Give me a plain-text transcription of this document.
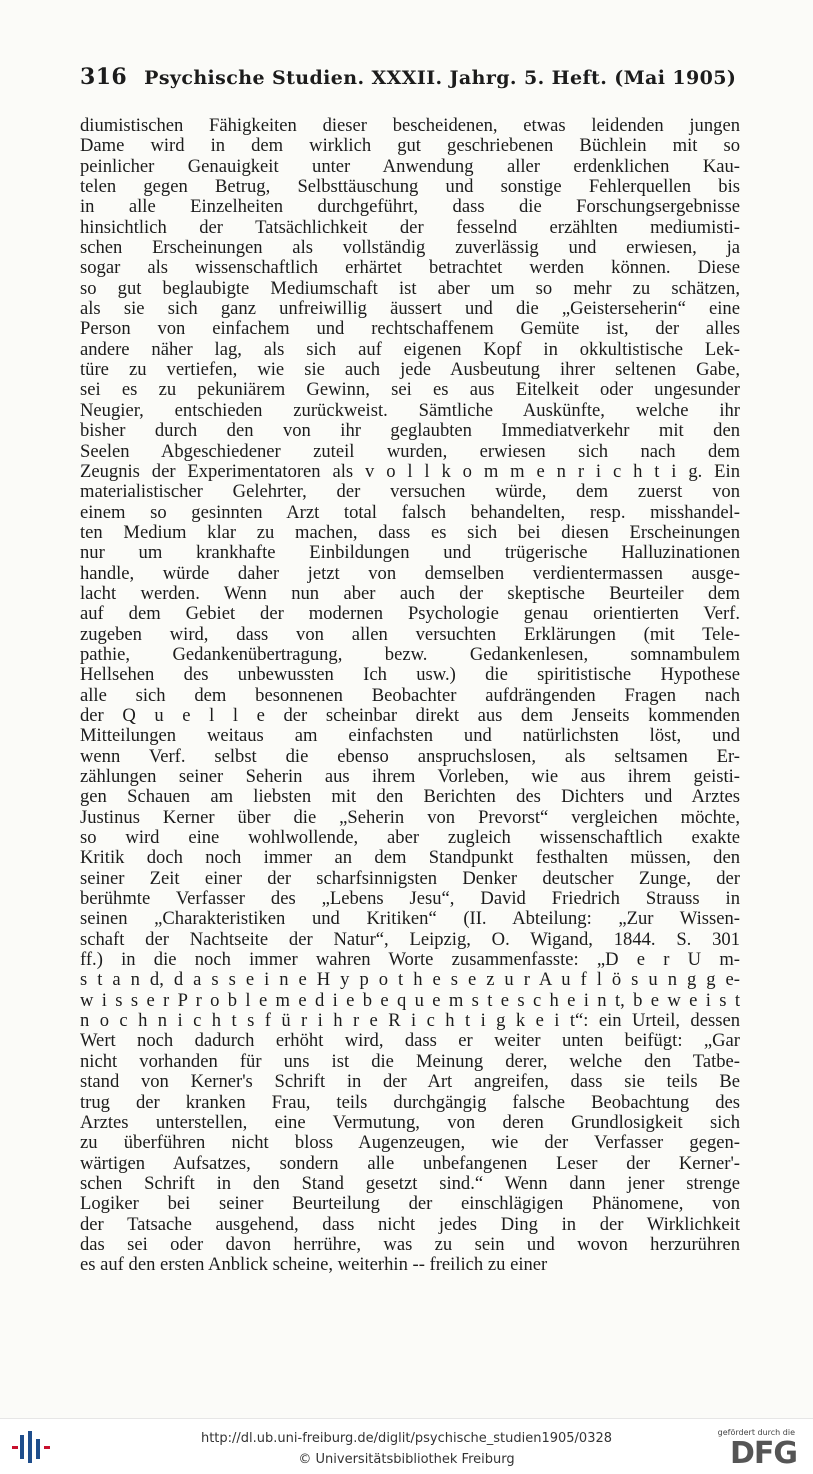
316 Psychische Studien. XXXII. Jahrg. 5. Heft. (Mai 1905)
diumistischen Fähigkeiten dieser bescheidenen, etwas leidenden jungen
Dame wird in dem wirklich gut geschriebenen Büchlein mit so
peinlicher Genauigkeit unter Anwendung aller erdenklichen Kau-
telen gegen Betrug, Selbsttäuschung und sonstige Fehlerquellen bis
in alle Einzelheiten durchgeführt, dass die Forschungsergebnisse
hinsichtlich der Tatsächlichkeit der fesselnd erzählten mediumisti-
schen Erscheinungen als vollständig zuverlässig und erwiesen, ja
sogar als wissenschaftlich erhärtet betrachtet werden können. Diese
so gut beglaubigte Mediumschaft ist aber um so mehr zu schätzen,
als sie sich ganz unfreiwillig äussert und die „Geisterseherin“ eine
Person von einfachem und rechtschaffenem Gemüte ist, der alles
andere näher lag, als sich auf eigenen Kopf in okkultistische Lek-
türe zu vertiefen, wie sie auch jede Ausbeutung ihrer seltenen Gabe,
sei es zu pekuniärem Gewinn, sei es aus Eitelkeit oder ungesunder
Neugier, entschieden zurückweist. Sämtliche Auskünfte, welche ihr
bisher durch den von ihr geglaubten Immediatverkehr mit den
Seelen Abgeschiedener zuteil wurden, erwiesen sich nach dem
Zeugnis der Experimentatoren als v o l l k o m m e n r i c h t i g. Ein
materialistischer Gelehrter, der versuchen würde, dem zuerst von
einem so gesinnten Arzt total falsch behandelten, resp. misshandel-
ten Medium klar zu machen, dass es sich bei diesen Erscheinungen
nur um krankhafte Einbildungen und trügerische Halluzinationen
handle, würde daher jetzt von demselben verdientermassen ausge-
lacht werden. Wenn nun aber auch der skeptische Beurteiler dem
auf dem Gebiet der modernen Psychologie genau orientierten Verf.
zugeben wird, dass von allen versuchten Erklärungen (mit Tele-
pathie, Gedankenübertragung, bezw. Gedankenlesen, somnambulem
Hellsehen des unbewussten Ich usw.) die spiritistische Hypothese
alle sich dem besonnenen Beobachter aufdrängenden Fragen nach
der Q u e l l e der scheinbar direkt aus dem Jenseits kommenden
Mitteilungen weitaus am einfachsten und natürlichsten löst, und
wenn Verf. selbst die ebenso anspruchslosen, als seltsamen Er-
zählungen seiner Seherin aus ihrem Vorleben, wie aus ihrem geisti-
gen Schauen am liebsten mit den Berichten des Dichters und Arztes
Justinus Kerner über die „Seherin von Prevorst“ vergleichen möchte,
so wird eine wohlwollende, aber zugleich wissenschaftlich exakte
Kritik doch noch immer an dem Standpunkt festhalten müssen, den
seiner Zeit einer der scharfsinnigsten Denker deutscher Zunge, der
berühmte Verfasser des „Lebens Jesu“, David Friedrich Strauss in
seinen „Charakteristiken und Kritiken“ (II. Abteilung: „Zur Wissen-
schaft der Nachtseite der Natur“, Leipzig, O. Wigand, 1844. S. 301
ff.) in die noch immer wahren Worte zusammenfasste: „D e r U m-
s t a n d, d a s s e i n e H y p o t h e s e z u r A u f l ö s u n g g e-
w i s s e r P r o b l e m e d i e b e q u e m s t e s c h e i n t, b e w e i s t
n o c h n i c h t s f ü r i h r e R i c h t i g k e i t“: ein Urteil, dessen
Wert noch dadurch erhöht wird, dass er weiter unten beifügt: „Gar
nicht vorhanden für uns ist die Meinung derer, welche den Tatbe-
stand von Kerner's Schrift in der Art angreifen, dass sie teils Be
trug der kranken Frau, teils durchgängig falsche Beobachtung des
Arztes unterstellen, eine Vermutung, von deren Grundlosigkeit sich
zu überführen nicht bloss Augenzeugen, wie der Verfasser gegen-
wärtigen Aufsatzes, sondern alle unbefangenen Leser der Kerner'-
schen Schrift in den Stand gesetzt sind.“ Wenn dann jener strenge
Logiker bei seiner Beurteilung der einschlägigen Phänomene, von
der Tatsache ausgehend, dass nicht jedes Ding in der Wirklichkeit
das sei oder davon herrühre, was zu sein und wovon herzurühren
es auf den ersten Anblick scheine, weiterhin -- freilich zu einer
http://dl.ub.uni-freiburg.de/diglit/psychische_studien1905/0328
© Universitätsbibliothek Freiburg
gefördert durch die
DFG
